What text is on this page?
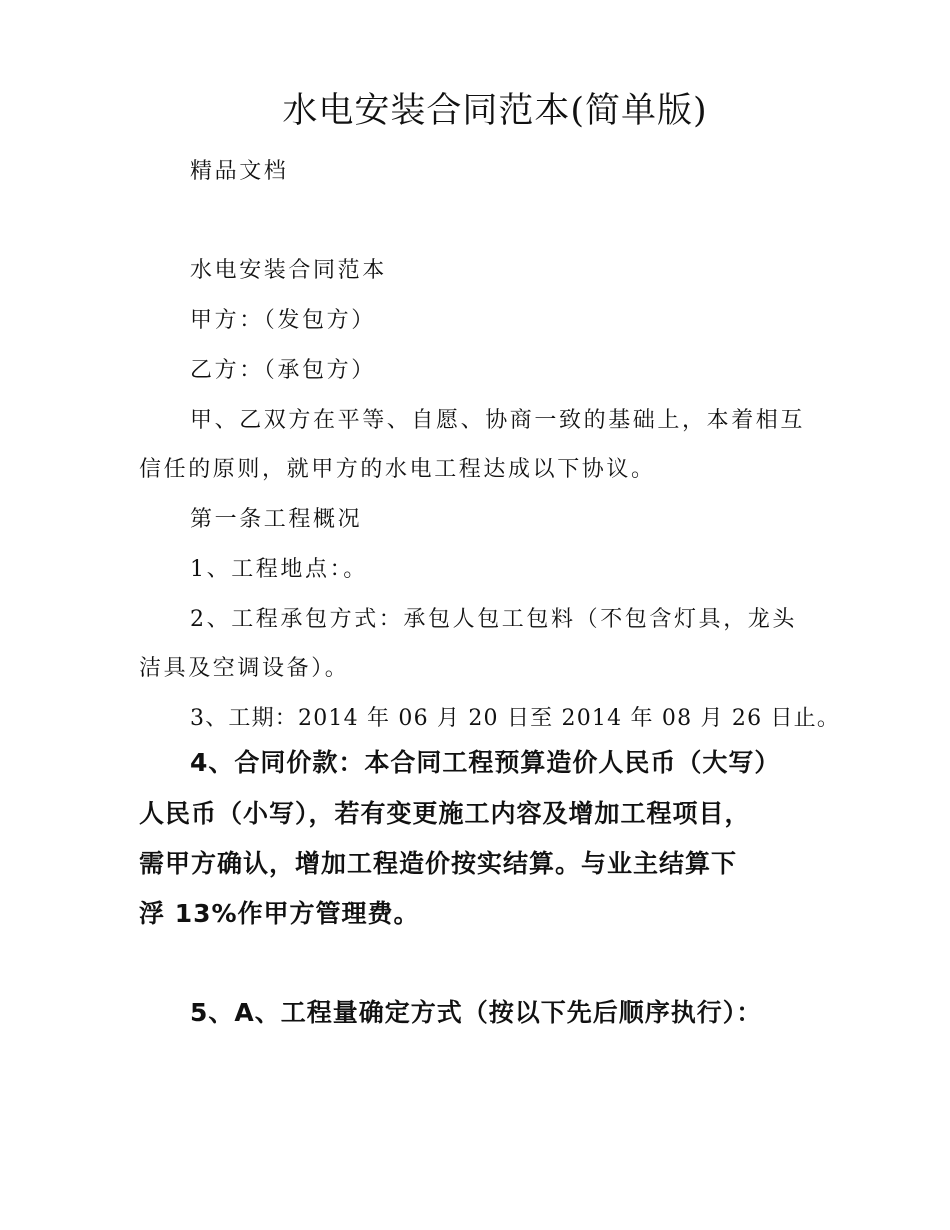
水电安装合同范本(简单版)

精品文档

水电安装合同范本

甲方：（发包方）

乙方：（承包方）

甲、乙双方在平等、自愿、协商一致的基础上，本着相互

信任的原则，就甲方的水电工程达成以下协议。

第一条工程概况

1、工程地点：。

2、工程承包方式：承包人包工包料（不包含灯具，龙头

洁具及空调设备）。

3、工期：2014 年 06 月 20 日至 2014 年 08 月 26 日止。

4、合同价款：本合同工程预算造价人民币（大写）

人民币（小写），若有变更施工内容及增加工程项目，

需甲方确认，增加工程造价按实结算。与业主结算下

浮 13%作甲方管理费。

5、A、工程量确定方式（按以下先后顺序执行）：
